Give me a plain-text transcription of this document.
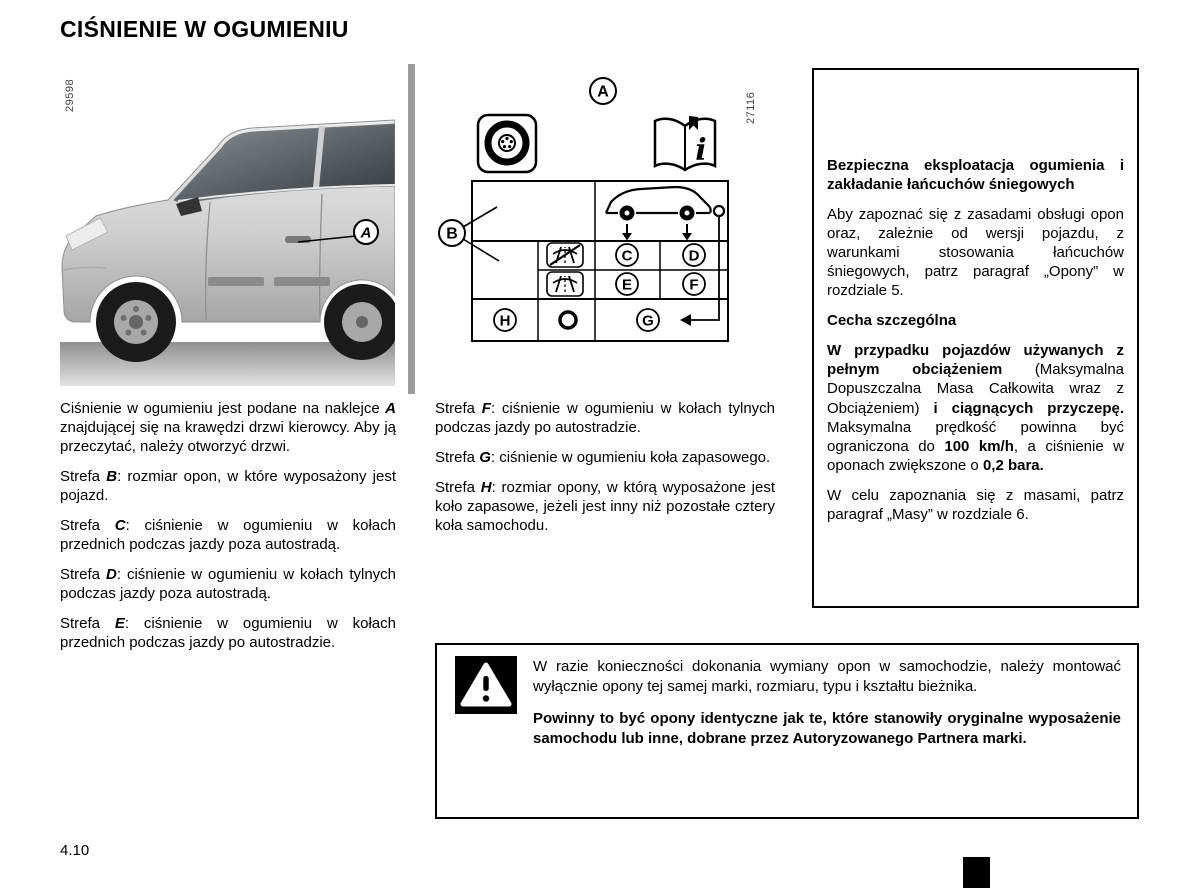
CIŚNIENIE W OGUMIENIU
A
29598	A
i
B
C	D
E	F
H	G
27116

Ciśnienie w ogumieniu jest podane na naklejce A znajdującej się na krawędzi drzwi kierowcy. Aby ją przeczytać, należy otworzyć drzwi.

Strefa B: rozmiar opon, w które wyposażony jest pojazd.

Strefa C: ciśnienie w ogumieniu w kołach przednich podczas jazdy poza autostradą.

Strefa D: ciśnienie w ogumieniu w kołach tylnych podczas jazdy poza autostradą.

Strefa E: ciśnienie w ogumieniu w kołach przednich podczas jazdy po autostradzie.

Strefa F: ciśnienie w ogumieniu w kołach tylnych podczas jazdy po autostradzie.

Strefa G: ciśnienie w ogumieniu koła zapasowego.

Strefa H: rozmiar opony, w którą wyposażone jest koło zapasowe, jeżeli jest inny niż pozostałe cztery koła samochodu.

Bezpieczna eksploatacja ogumienia i zakładanie łańcuchów śniegowych

Aby zapoznać się z zasadami obsługi opon oraz, zależnie od wersji pojazdu, z warunkami stosowania łańcuchów śniegowych, patrz paragraf „Opony” w rozdziale 5.

Cecha szczególna

W przypadku pojazdów używanych z pełnym obciążeniem (Maksymalna Dopuszczalna Masa Całkowita wraz z Obciążeniem) i ciągnących przyczepę. Maksymalna prędkość powinna być ograniczona do 100 km/h, a ciśnienie w oponach zwiększone o 0,2 bara.

W celu zapoznania się z masami, patrz paragraf „Masy” w rozdziale 6.

W razie konieczności dokonania wymiany opon w samochodzie, należy montować wyłącznie opony tej samej marki, rozmiaru, typu i kształtu bieżnika.

Powinny to być opony identyczne jak te, które stanowiły oryginalne wyposażenie samochodu lub inne, dobrane przez Autoryzowanego Partnera marki.

4.10
